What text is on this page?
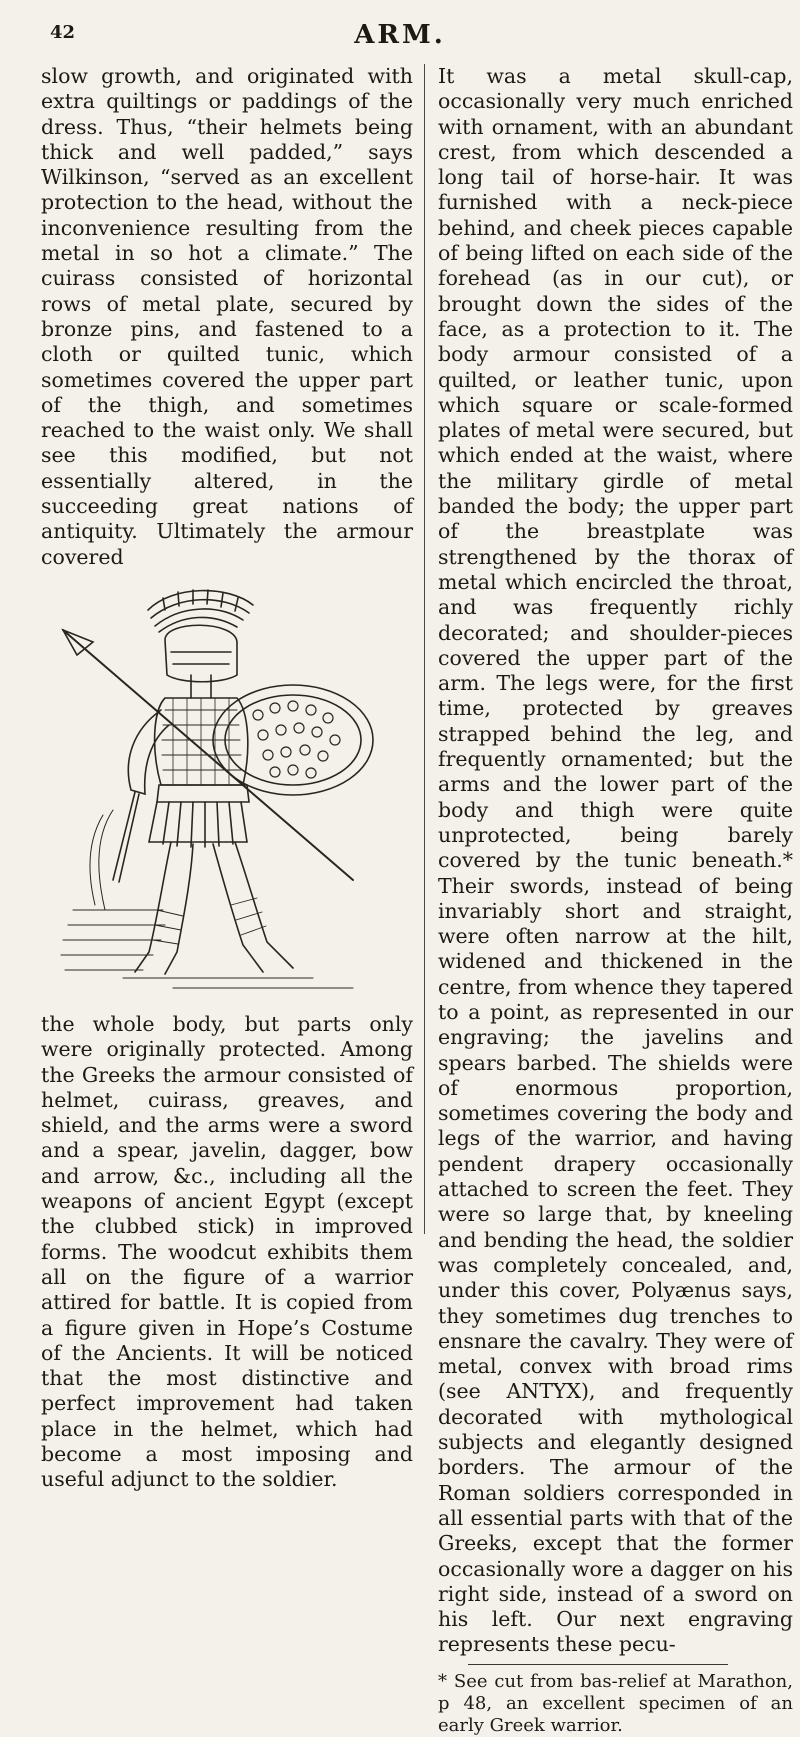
42	ARM.

slow growth, and originated with extra quiltings or paddings of the dress. Thus, “their helmets being thick and well padded,” says Wilkinson, “served as an excellent protection to the head, without the inconvenience resulting from the metal in so hot a climate.” The cuirass consisted of horizontal rows of metal plate, secured by bronze pins, and fastened to a cloth or quilted tunic, which sometimes covered the upper part of the thigh, and sometimes reached to the waist only. We shall see this modified, but not essentially altered, in the succeeding great nations of antiquity. Ultimately the armour covered

the whole body, but parts only were originally protected. Among the Greeks the armour consisted of helmet, cuirass, greaves, and shield, and the arms were a sword and a spear, javelin, dagger, bow and arrow, &c., including all the weapons of ancient Egypt (except the clubbed stick) in improved forms. The woodcut exhibits them all on the figure of a warrior attired for battle. It is copied from a figure given in Hope’s Costume of the Ancients. It will be noticed that the most distinctive and perfect improvement had taken place in the helmet, which had become a most imposing and useful adjunct to the soldier.

It was a metal skull-cap, occasionally very much enriched with ornament, with an abundant crest, from which descended a long tail of horse-hair. It was furnished with a neck-piece behind, and cheek pieces capable of being lifted on each side of the forehead (as in our cut), or brought down the sides of the face, as a protection to it. The body armour consisted of a quilted, or leather tunic, upon which square or scale-formed plates of metal were secured, but which ended at the waist, where the military girdle of metal banded the body; the upper part of the breastplate was strengthened by the thorax of metal which encircled the throat, and was frequently richly decorated; and shoulder-pieces covered the upper part of the arm. The legs were, for the first time, protected by greaves strapped behind the leg, and frequently ornamented; but the arms and the lower part of the body and thigh were quite unprotected, being barely covered by the tunic beneath.* Their swords, instead of being invariably short and straight, were often narrow at the hilt, widened and thickened in the centre, from whence they tapered to a point, as represented in our engraving; the javelins and spears barbed. The shields were of enormous proportion, sometimes covering the body and legs of the warrior, and having pendent drapery occasionally attached to screen the feet. They were so large that, by kneeling and bending the head, the soldier was completely concealed, and, under this cover, Polyænus says, they sometimes dug trenches to ensnare the cavalry. They were of metal, convex with broad rims (see ANTYX), and frequently decorated with mythological subjects and elegantly designed borders. The armour of the Roman soldiers corresponded in all essential parts with that of the Greeks, except that the former occasionally wore a dagger on his right side, instead of a sword on his left. Our next engraving represents these pecu-

* See cut from bas-relief at Marathon, p 48, an excellent specimen of an early Greek warrior.
